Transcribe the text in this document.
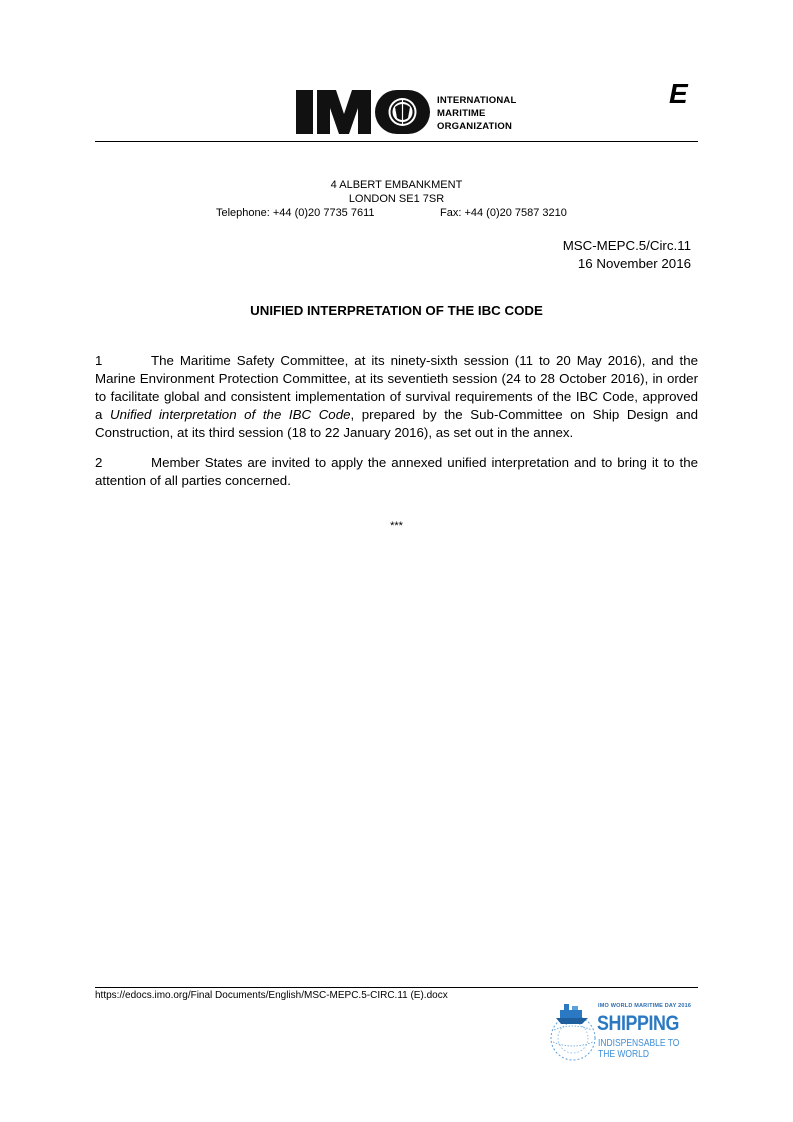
INTERNATIONAL
MARITIME
ORGANIZATION
E
4 ALBERT EMBANKMENT
LONDON SE1 7SR
Telephone: +44 (0)20 7735 7611	Fax: +44 (0)20 7587 3210
MSC-MEPC.5/Circ.11
16 November 2016
UNIFIED INTERPRETATION OF THE IBC CODE
1	The Maritime Safety Committee, at its ninety-sixth session (11 to 20 May 2016), and the Marine Environment Protection Committee, at its seventieth session (24 to 28 October 2016), in order to facilitate global and consistent implementation of survival requirements of the IBC Code, approved a Unified interpretation of the IBC Code, prepared by the Sub-Committee on Ship Design and Construction, at its third session (18 to 22 January 2016), as set out in the annex.
2	Member States are invited to apply the annexed unified interpretation and to bring it to the attention of all parties concerned.
***
https://edocs.imo.org/Final Documents/English/MSC-MEPC.5-CIRC.11 (E).docx
IMO WORLD MARITIME DAY 2016
SHIPPING
INDISPENSABLE TO
THE WORLD
